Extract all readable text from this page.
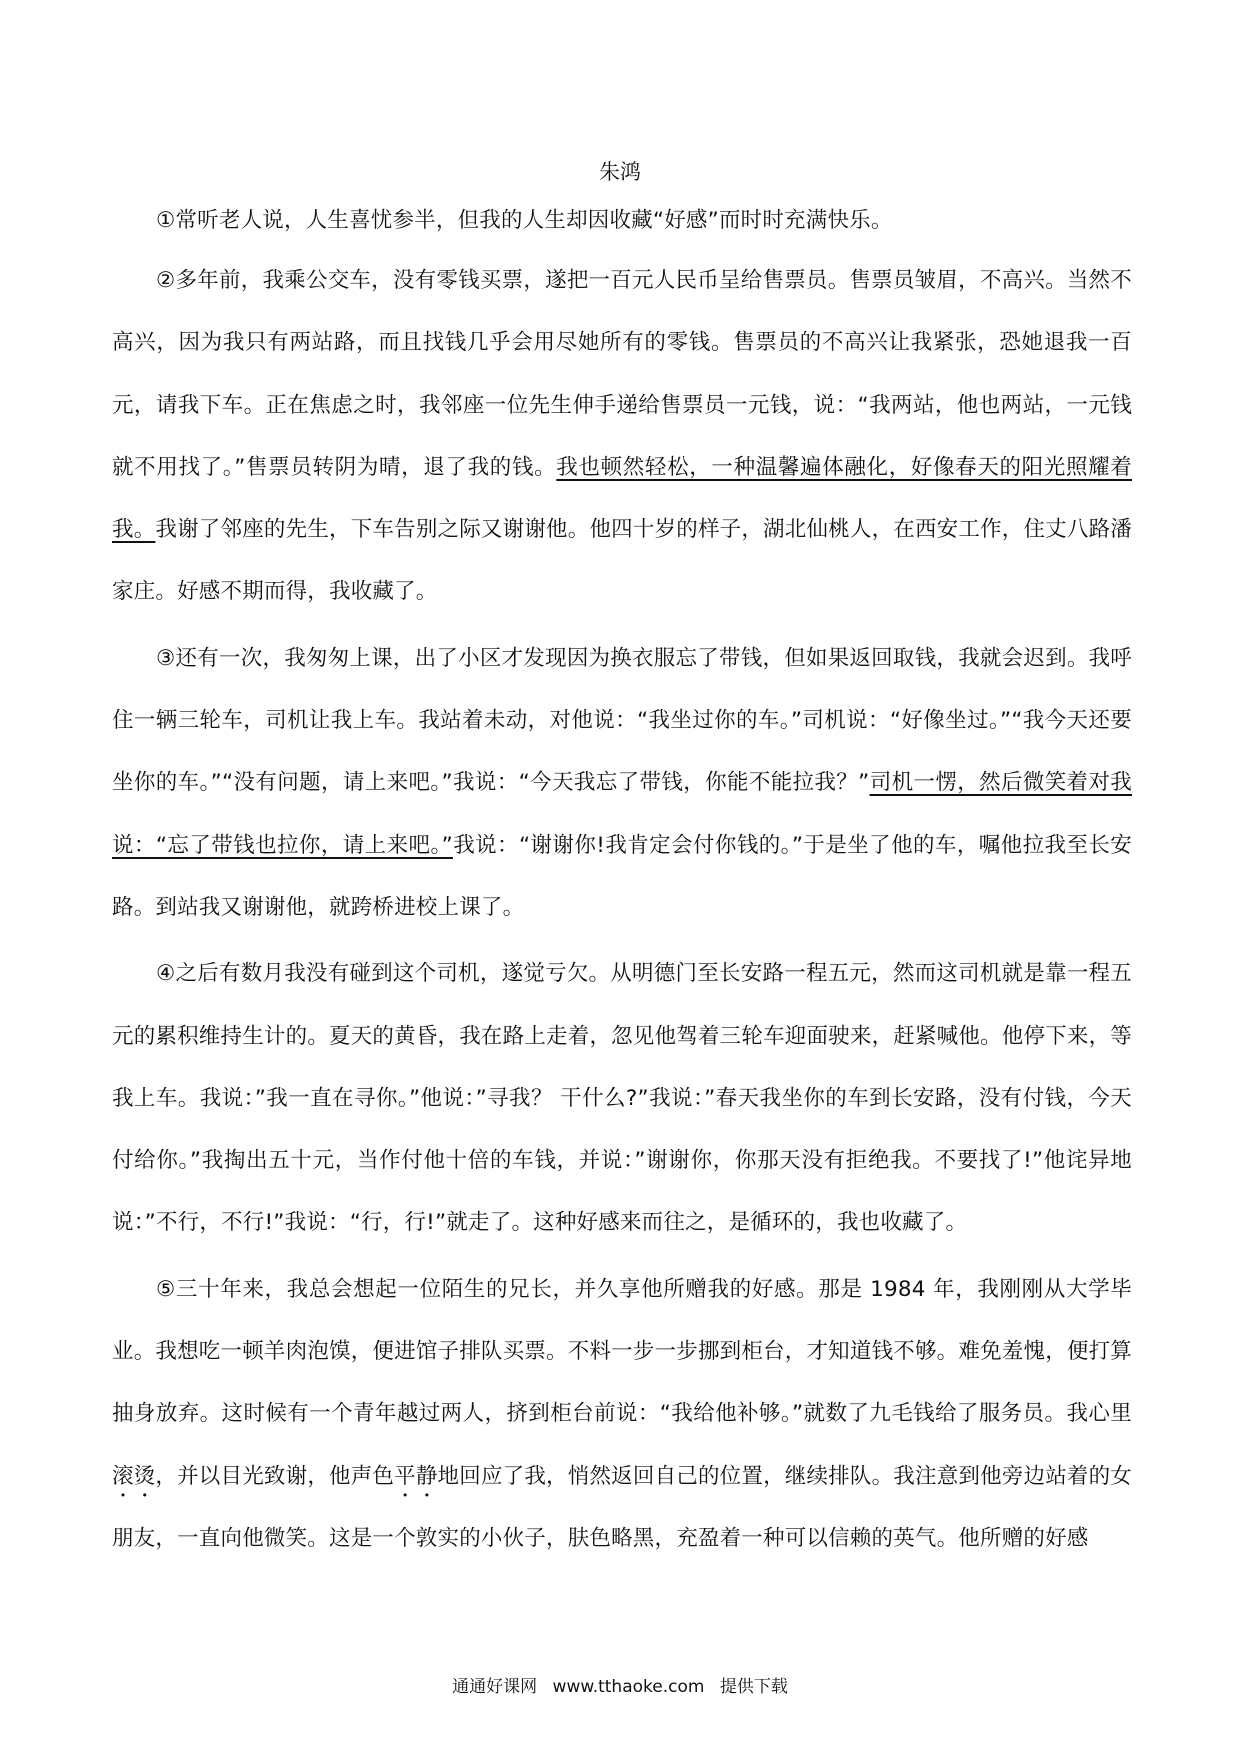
朱鸿

①常听老人说，人生喜忧参半，但我的人生却因收藏“好感”而时时充满快乐。

②多年前，我乘公交车，没有零钱买票，遂把一百元人民币呈给售票员。售票员皱眉，不高兴。当然不高兴，因为我只有两站路，而且找钱几乎会用尽她所有的零钱。售票员的不高兴让我紧张，恐她退我一百元，请我下车。正在焦虑之时，我邻座一位先生伸手递给售票员一元钱，说：“我两站，他也两站，一元钱就不用找了。”售票员转阴为晴，退了我的钱。我也顿然轻松，一种温馨遍体融化，好像春天的阳光照耀着我。我谢了邻座的先生，下车告别之际又谢谢他。他四十岁的样子，湖北仙桃人，在西安工作，住丈八路潘家庄。好感不期而得，我收藏了。

③还有一次，我匆匆上课，出了小区才发现因为换衣服忘了带钱，但如果返回取钱，我就会迟到。我呼住一辆三轮车，司机让我上车。我站着未动，对他说：“我坐过你的车。”司机说：“好像坐过。”“我今天还要坐你的车。”“没有问题，请上来吧。”我说：“今天我忘了带钱，你能不能拉我？”司机一愣，然后微笑着对我说：“忘了带钱也拉你，请上来吧。”我说：“谢谢你!我肯定会付你钱的。”于是坐了他的车，嘱他拉我至长安路。到站我又谢谢他，就跨桥进校上课了。

④之后有数月我没有碰到这个司机，遂觉亏欠。从明德门至长安路一程五元，然而这司机就是靠一程五元的累积维持生计的。夏天的黄昏，我在路上走着，忽见他驾着三轮车迎面驶来，赶紧喊他。他停下来，等我上车。我说：”我一直在寻你。”他说：”寻我？ 干什么?”我说：”春天我坐你的车到长安路，没有付钱，今天付给你。”我掏出五十元，当作付他十倍的车钱，并说：”谢谢你，你那天没有拒绝我。不要找了!”他诧异地说：”不行，不行!”我说：“行，行!”就走了。这种好感来而往之，是循环的，我也收藏了。

⑤三十年来，我总会想起一位陌生的兄长，并久享他所赠我的好感。那是 1984 年，我刚刚从大学毕业。我想吃一顿羊肉泡馍，便进馆子排队买票。不料一步一步挪到柜台，才知道钱不够。难免羞愧，便打算抽身放弃。这时候有一个青年越过两人，挤到柜台前说：“我给他补够。”就数了九毛钱给了服务员。我心里滚烫，并以目光致谢，他声色平静地回应了我，悄然返回自己的位置，继续排队。我注意到他旁边站着的女朋友，一直向他微笑。这是一个敦实的小伙子，肤色略黑，充盈着一种可以信赖的英气。他所赠的好感

通通好课网 www.tthaoke.com 提供下载
